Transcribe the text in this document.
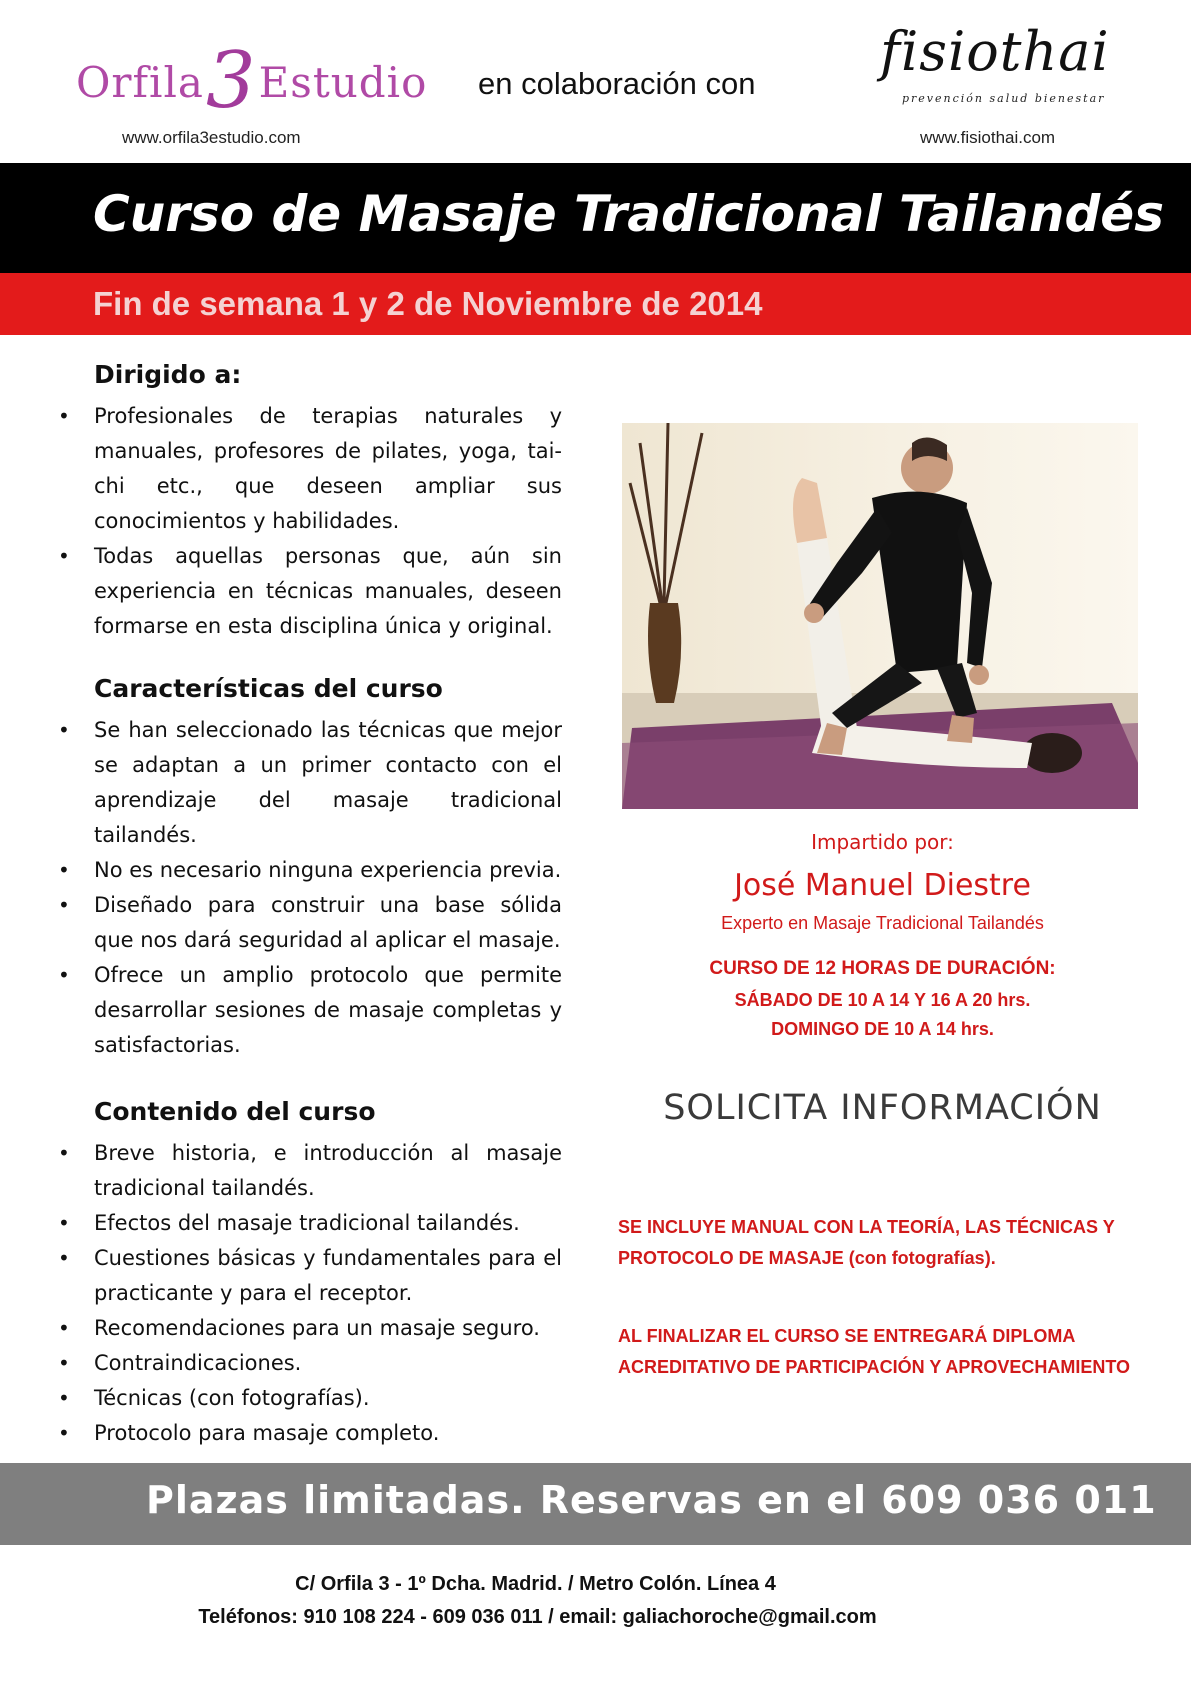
Orfila3Estudio
www.orfila3estudio.com
en colaboración con
fisiothai
prevención salud bienestar
www.fisiothai.com
Curso de Masaje Tradicional Tailandés
Fin de semana 1 y 2 de Noviembre de 2014
Dirigido a:
• Profesionales de terapias naturales y manuales, profesores de pilates, yoga, tai-chi etc., que deseen ampliar sus conocimientos y habilidades.
• Todas aquellas personas que, aún sin experiencia en técnicas manuales, deseen formarse en esta disciplina única y original.
Características del curso
• Se han seleccionado las técnicas que mejor se adaptan a un primer contacto con el aprendizaje del masaje tradicional tailandés.
• No es necesario ninguna experiencia previa.
• Diseñado para construir una base sólida que nos dará seguridad al aplicar el masaje.
• Ofrece un amplio protocolo que permite desarrollar sesiones de masaje completas y satisfactorias.
Contenido del curso
• Breve historia, e introducción al masaje tradicional tailandés.
• Efectos del masaje tradicional tailandés.
• Cuestiones básicas y fundamentales para el practicante y para el receptor.
• Recomendaciones para un masaje seguro.
• Contraindicaciones.
• Técnicas (con fotografías).
• Protocolo para masaje completo.
Impartido por:
José Manuel Diestre
Experto en Masaje Tradicional Tailandés
CURSO DE 12 HORAS DE DURACIÓN:
SÁBADO DE 10 A 14 Y 16 A 20 hrs.
DOMINGO DE 10 A 14 hrs.
SOLICITA INFORMACIÓN
SE INCLUYE MANUAL CON LA TEORÍA, LAS TÉCNICAS Y PROTOCOLO DE MASAJE (con fotografías).
AL FINALIZAR EL CURSO SE ENTREGARÁ DIPLOMA ACREDITATIVO DE PARTICIPACIÓN Y APROVECHAMIENTO
Plazas limitadas. Reservas en el 609 036 011
C/ Orfila 3 - 1º Dcha. Madrid. / Metro Colón. Línea 4
Teléfonos: 910 108 224 - 609 036 011 / email: galiachoroche@gmail.com
